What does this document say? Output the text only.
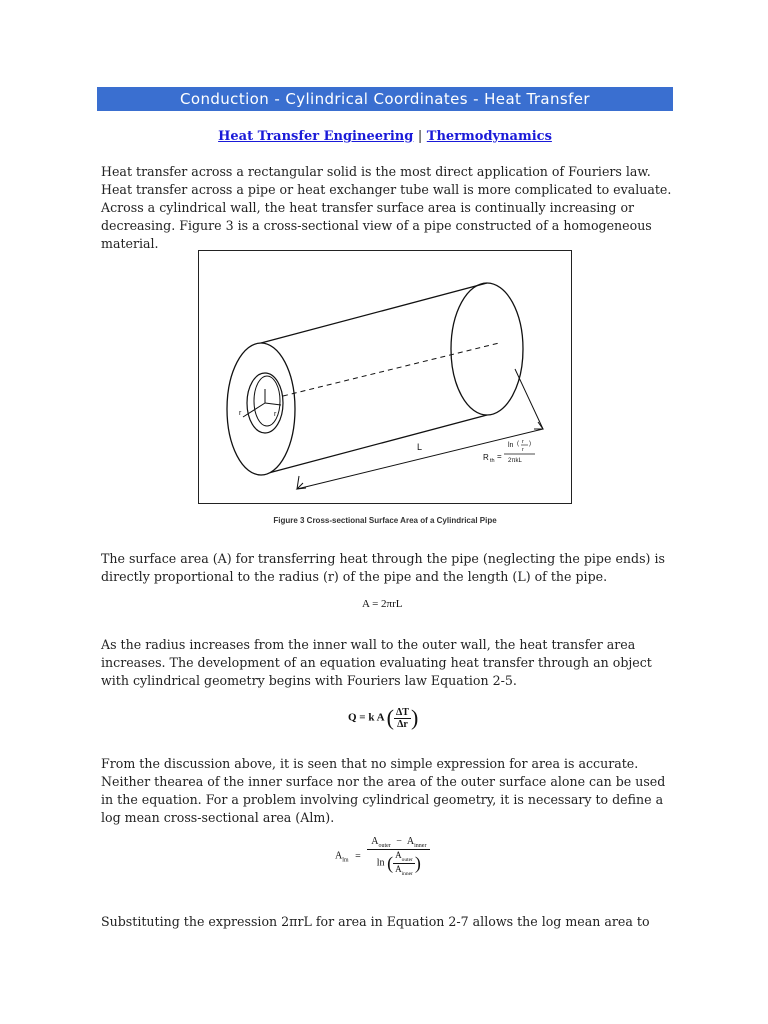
Conduction - Cylindrical Coordinates - Heat Transfer
Heat Transfer Engineering | Thermodynamics

Heat transfer across a rectangular solid is the most direct application of Fouriers law. Heat transfer across a pipe or heat exchanger tube wall is more complicated to evaluate. Across a cylindrical wall, the heat transfer surface area is continually increasing or decreasing. Figure 3 is a cross-sectional view of a pipe constructed of a homogeneous material.

L
r	r
R th =
ln ( r
r
)
2πkL
Figure 3 Cross-sectional Surface Area of a Cylindrical Pipe

The surface area (A) for transferring heat through the pipe (neglecting the pipe ends) is directly proportional to the radius (r) of the pipe and the length (L) of the pipe.

A = 2πrL

As the radius increases from the inner wall to the outer wall, the heat transfer area increases. The development of an equation evaluating heat transfer through an object with cylindrical geometry begins with Fouriers law Equation 2-5.

Q = k A ( $\frac{\Delta T}{\Delta r}$ )

From the discussion above, it is seen that no simple expression for area is accurate. Neither thearea of the inner surface nor the area of the outer surface alone can be used in the equation. For a problem involving cylindrical geometry, it is necessary to define a log mean cross-sectional area (Alm).

$A_{lm} = \frac{A_{outer} - A_{inner}}{\ln ( \frac{A_{outer}}{A_{inner}} )}$

Substituting the expression 2πrL for area in Equation 2-7 allows the log mean area to
